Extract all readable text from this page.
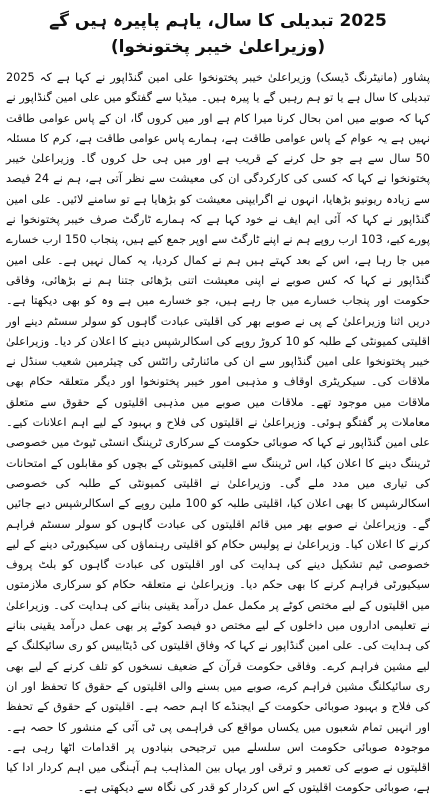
2025 تبدیلی کا سال، یاہم پاپیرہ ہیں گے (وزیراعلیٰ خیبر پختونخوا)

پشاور (مانیٹرنگ ڈیسک) وزیراعلیٰ خیبر پختونخوا علی امین گنڈاپور نے کہا ہے کہ 2025 تبدیلی کا سال ہے یا تو ہم رہیں گے یا پیرہ ہیں۔ میڈیا سے گفتگو میں علی امین گنڈاپور نے کہا کہ صوبے میں امن بحال کرنا میرا کام ہے اور میں کروں گا، ان کے پاس عوامی طاقت نہیں ہے یہ عوام کے پاس عوامی طاقت ہے، ہمارے پاس عوامی طاقت ہے، کرم کا مسئلہ 50 سال سے ہے جو حل کرنے کے قریب ہے اور میں ہی حل کروں گا۔ وزیراعلیٰ خیبر پختونخوا نے کہا کہ کسی کی کارکردگی ان کی معیشت سے نظر آتی ہے، ہم نے 24 فیصد سے زیادہ ریونیو بڑھایا، انہوں نے اگرایپنی معیشت کو بڑھایا ہے تو سامنے لائیں۔ علی امین گنڈاپور نے کہا کہ آئی ایم ایف نے خود کہا ہے کہ ہمارے ٹارگٹ صرف خیبر پختونخوا نے پورے کیے، 103 ارب روپے ہم نے اپنے ٹارگٹ سے اوپر جمع کیے ہیں، پنجاب 150 ارب خسارے میں جا رہا ہے، اس کے بعد کہتے ہیں ہم نے کمال کردیا، یہ کمال نہیں ہے۔ علی امین گنڈاپور نے کہا کہ کس صوبے نے اپنی معیشت اتنی بڑھائی جتنا ہم نے بڑھائی، وفاقی حکومت اور پنجاب خسارے میں جا رہے ہیں، جو خسارے میں ہے وہ کو بھی دیکھتا ہے۔ دریں اثنا وزیراعلیٰ کے پی نے صوبے بھر کی اقلیتی عبادت گاہوں کو سولر سسٹم دینے اور اقلیتی کمیونٹی کے طلبہ کو 10 کروڑ روپے کی اسکالرشپس دینے کا اعلان کر دیا۔ وزیراعلیٰ خیبر پختونخوا علی امین گنڈاپور سے ان کی مائنارٹی رائٹس کی چیئرمین شعیب سنڈل نے ملاقات کی۔ سیکریٹری اوقاف و مذہبی امور خیبر پختونخوا اور دیگر متعلقہ حکام بھی ملاقات میں موجود تھے۔ ملاقات میں صوبے میں مذہبی اقلیتوں کے حقوق سے متعلق معاملات پر گفتگو ہوئی۔ وزیراعلیٰ نے اقلیتوں کی فلاح و بہبود کے لیے اہم اعلانات کیے۔ علی امین گنڈاپور نے کہا کہ صوبائی حکومت کے سرکاری ٹریننگ انسٹی ٹیوٹ میں خصوصی ٹریننگ دینے کا اعلان کیا، اس ٹریننگ سے اقلیتی کمیونٹی کے بچوں کو مقابلوں کے امتحانات کی تیاری میں مدد ملے گی۔ وزیراعلیٰ نے اقلیتی کمیونٹی کے طلبہ کی خصوصی اسکالرشپس کا بھی اعلان کیا، اقلیتی طلبہ کو 100 ملین روپے کے اسکالرشپس دیے جائیں گے۔ وزیراعلیٰ نے صوبے بھر میں قائم اقلیتوں کی عبادت گاہوں کو سولر سسٹم فراہم کرنے کا اعلان کیا۔ وزیراعلیٰ نے پولیس حکام کو اقلیتی رہنماؤں کی سیکیورٹی دینے کے لیے خصوصی ٹیم تشکیل دینے کی ہدایت کی اور اقلیتوں کی عبادت گاہوں کو بلٹ پروف سیکیورٹی فراہم کرنے کا بھی حکم دیا۔ وزیراعلیٰ نے متعلقہ حکام کو سرکاری ملازمتوں میں اقلیتوں کے لیے مختص کوٹے پر مکمل عمل درآمد یقینی بنانے کی ہدایت کی۔ وزیراعلیٰ نے تعلیمی اداروں میں داخلوں کے لیے مختص دو فیصد کوٹے پر بھی عمل درآمد یقینی بنانے کی ہدایت کی۔ علی امین گنڈاپور نے کہا کہ وفاق اقلیتوں کی ڈیٹابیس کو ری سائیکلنگ کے لیے مشین فراہم کرے۔ وفاقی حکومت قرآن کے ضعیف نسخوں کو تلف کرنے کے لیے بھی ری سائیکلنگ مشین فراہم کرے، صوبے میں بسنے والی اقلیتوں کے حقوق کا تحفظ اور ان کی فلاح و بہبود صوبائی حکومت کے ایجنڈے کا اہم حصہ ہے۔ اقلیتوں کے حقوق کے تحفظ اور انہیں تمام شعبوں میں یکساں مواقع کی فراہمی پی ٹی آئی کے منشور کا حصہ ہے۔ موجودہ صوبائی حکومت اس سلسلے میں ترجیحی بنیادوں پر اقدامات اٹھا رہی ہے۔ اقلیتوں نے صوبے کی تعمیر و ترقی اور یہاں بین المذاہب ہم آہنگی میں اہم کردار ادا کیا ہے، صوبائی حکومت اقلیتوں کے اس کردار کو قدر کی نگاہ سے دیکھتی ہے۔
